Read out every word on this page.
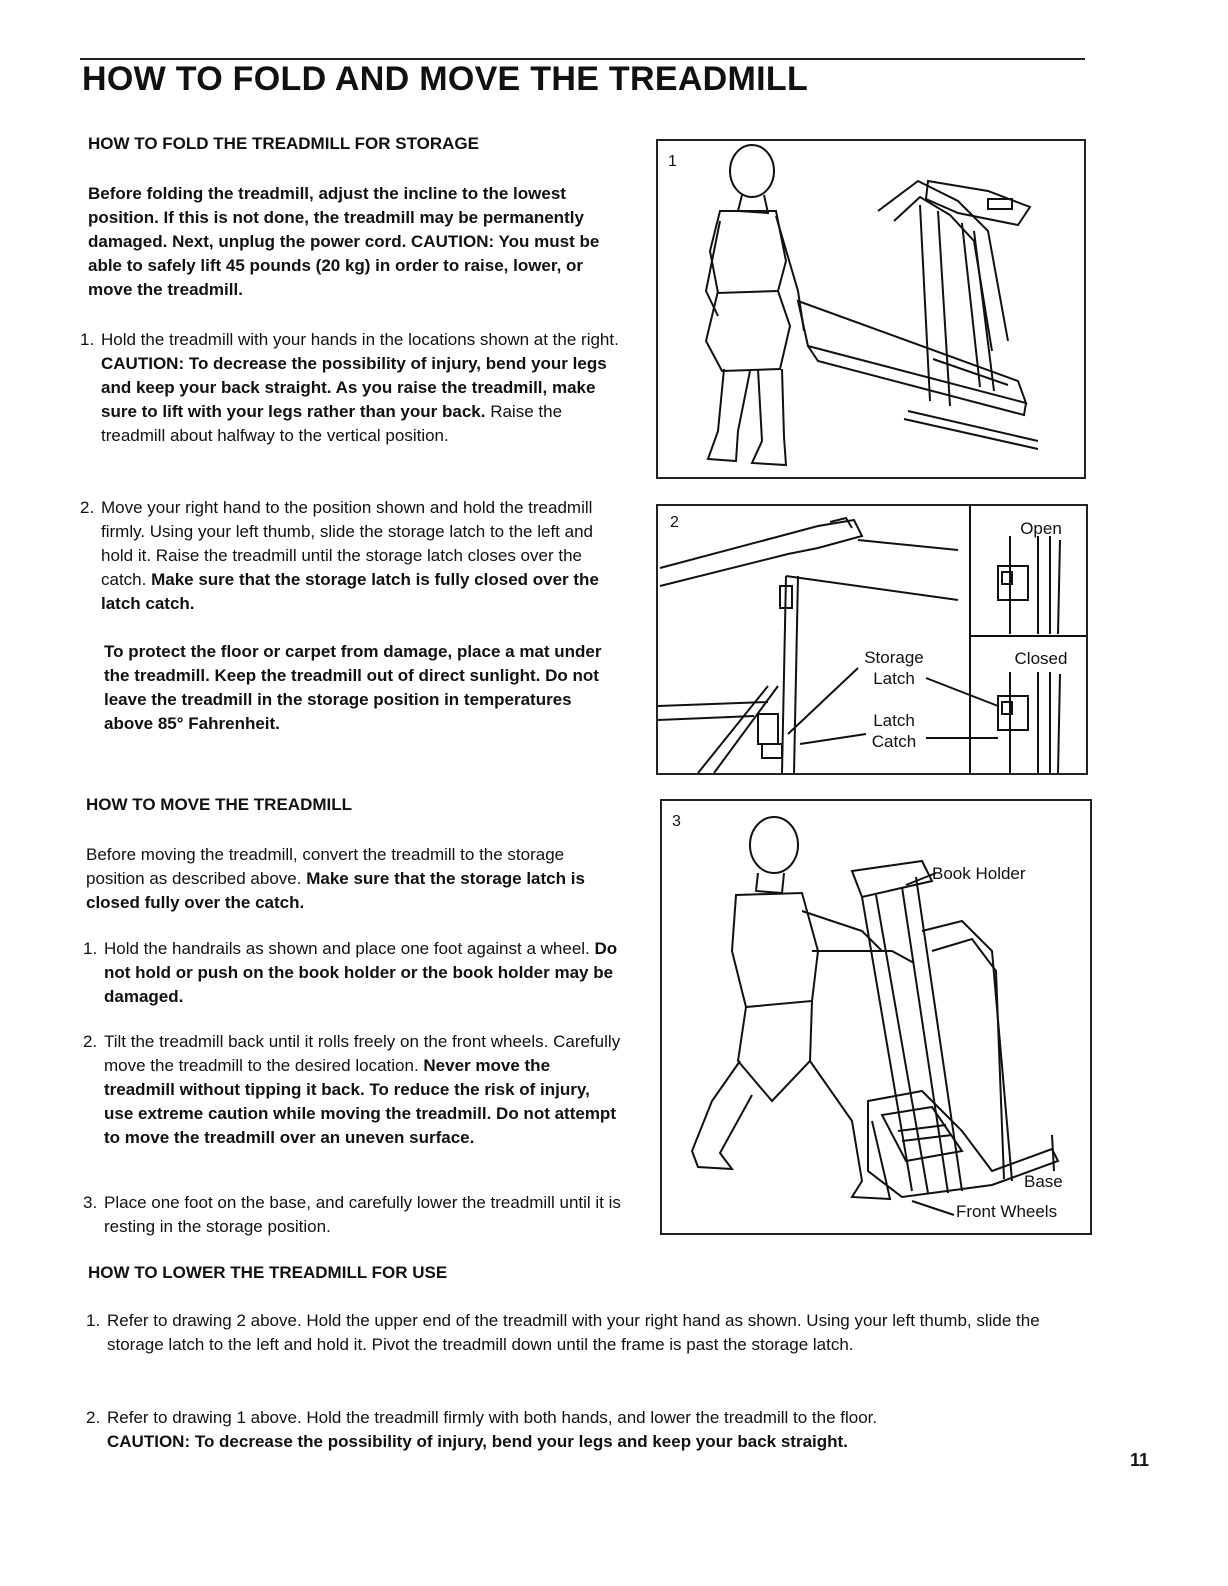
HOW TO FOLD AND MOVE THE TREADMILL
HOW TO FOLD THE TREADMILL FOR STORAGE

Before folding the treadmill, adjust the incline to the lowest position. If this is not done, the treadmill may be permanently damaged. Next, unplug the power cord. CAUTION: You must be able to safely lift 45 pounds (20 kg) in order to raise, lower, or move the treadmill.

1. Hold the treadmill with your hands in the locations shown at the right. CAUTION: To decrease the possibility of injury, bend your legs and keep your back straight. As you raise the treadmill, make sure to lift with your legs rather than your back. Raise the treadmill about halfway to the vertical position.
2. Move your right hand to the position shown and hold the treadmill firmly. Using your left thumb, slide the storage latch to the left and hold it. Raise the treadmill until the storage latch closes over the catch. Make sure that the storage latch is fully closed over the latch catch.

To protect the floor or carpet from damage, place a mat under the treadmill. Keep the treadmill out of direct sunlight. Do not leave the treadmill in the storage position in temperatures above 85° Fahrenheit.

HOW TO MOVE THE TREADMILL

Before moving the treadmill, convert the treadmill to the storage position as described above. Make sure that the storage latch is closed fully over the catch.

1. Hold the handrails as shown and place one foot against a wheel. Do not hold or push on the book holder or the book holder may be damaged.
2. Tilt the treadmill back until it rolls freely on the front wheels. Carefully move the treadmill to the desired location. Never move the treadmill without tipping it back. To reduce the risk of injury, use extreme caution while moving the treadmill. Do not attempt to move the treadmill over an uneven surface.
3. Place one foot on the base, and carefully lower the treadmill until it is resting in the storage position.
HOW TO LOWER THE TREADMILL FOR USE
1. Refer to drawing 2 above. Hold the upper end of the treadmill with your right hand as shown. Using your left thumb, slide the storage latch to the left and hold it. Pivot the treadmill down until the frame is past the storage latch.
2. Refer to drawing 1 above. Hold the treadmill firmly with both hands, and lower the treadmill to the floor.
CAUTION: To decrease the possibility of injury, bend your legs and keep your back straight.
1
2	Open
Closed
Storage
Latch
Latch
Catch
3
Book Holder
Base
Front Wheels
11
